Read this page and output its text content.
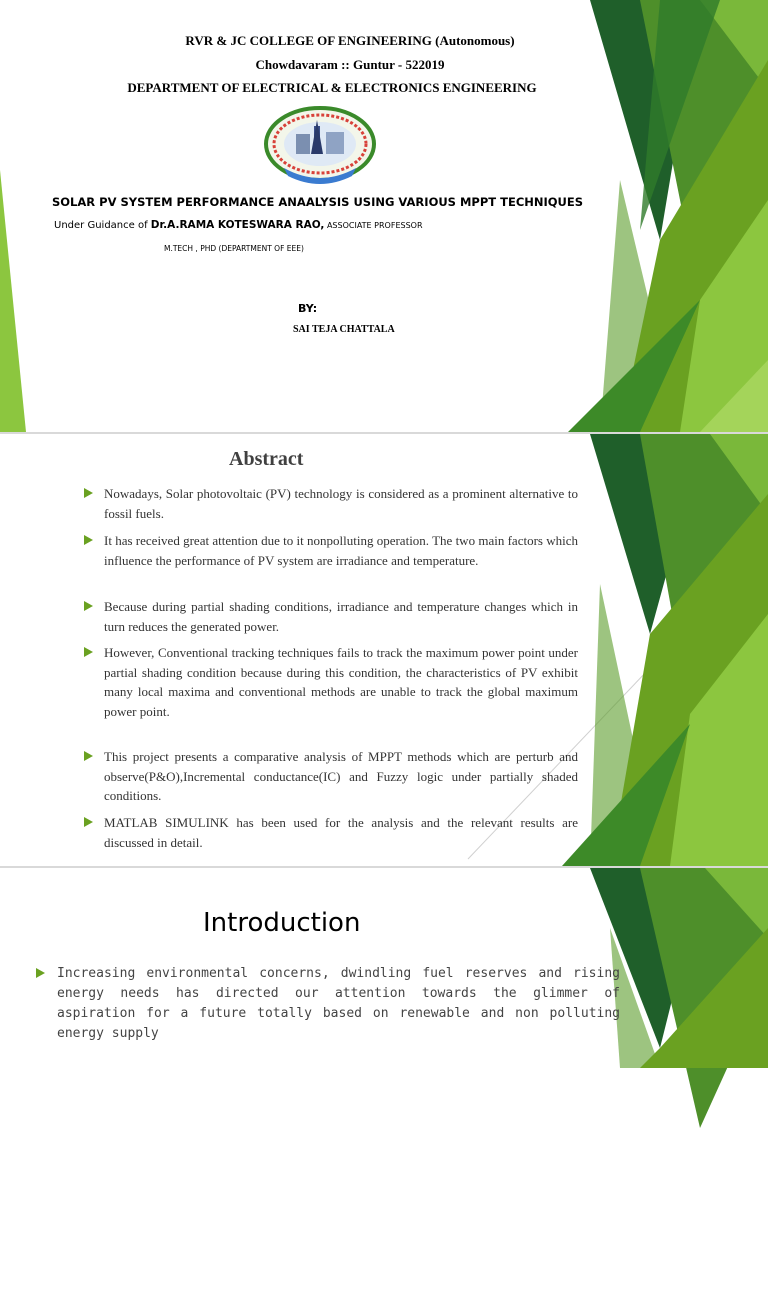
RVR & JC COLLEGE OF ENGINEERING (Autonomous)
Chowdavaram :: Guntur - 522019
DEPARTMENT OF ELECTRICAL & ELECTRONICS ENGINEERING
SOLAR PV SYSTEM PERFORMANCE ANAALYSIS USING VARIOUS MPPT TECHNIQUES
Under Guidance of Dr.A.RAMA KOTESWARA RAO, ASSOCIATE PROFESSOR
M.TECH , PHD (DEPARTMENT OF EEE)
BY:
SAI TEJA CHATTALA
Abstract
Nowadays, Solar photovoltaic (PV) technology is considered as a prominent alternative to fossil fuels.
It has received great attention due to it nonpolluting operation. The two main factors which influence the performance of PV system are irradiance and temperature.
Because during partial shading conditions, irradiance and temperature changes which in turn reduces the generated power.
However, Conventional tracking techniques fails to track the maximum power point under partial shading condition because during this condition, the characteristics of PV exhibit many local maxima and conventional methods are unable to track the global maximum power point.
This project presents a comparative analysis of MPPT methods which are perturb and observe(P&O),Incremental conductance(IC) and Fuzzy logic under partially shaded conditions.
MATLAB SIMULINK has been used for the analysis and the relevant results are discussed in detail.
Introduction
Increasing environmental concerns, dwindling fuel reserves and rising energy needs has directed our attention towards the glimmer of aspiration for a future totally based on renewable and non polluting energy supply
